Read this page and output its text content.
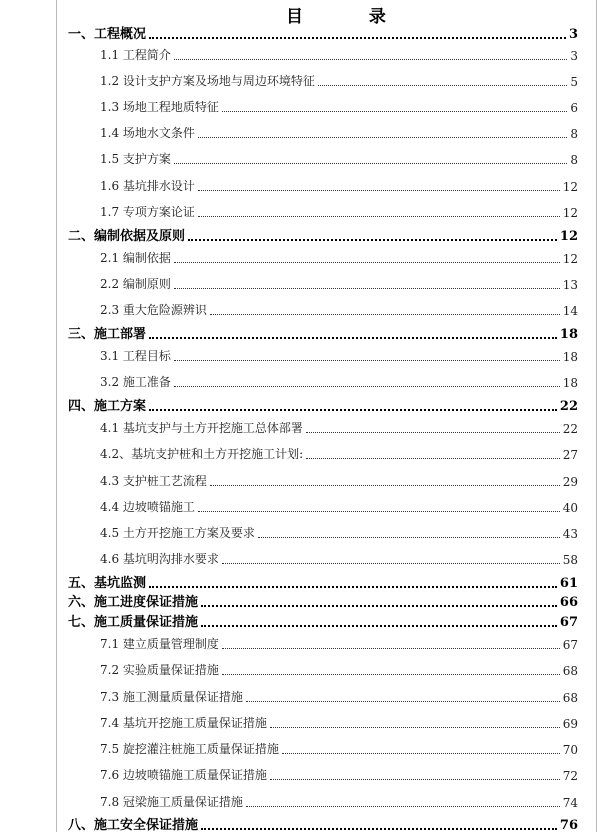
目 录
一、工程概况	3
1.1 工程简介	3
1.2 设计支护方案及场地与周边环境特征	5
1.3 场地工程地质特征	6
1.4 场地水文条件	8
1.5 支护方案	8
1.6 基坑排水设计	12
1.7 专项方案论证	12
二、编制依据及原则	12
2.1 编制依据	12
2.2 编制原则	13
2.3 重大危险源辨识	14
三、施工部署	18
3.1 工程目标	18
3.2 施工准备	18
四、施工方案	22
4.1 基坑支护与土方开挖施工总体部署	22
4.2、基坑支护桩和土方开挖施工计划:	27
4.3 支护桩工艺流程	29
4.4 边坡喷锚施工	40
4.5 土方开挖施工方案及要求	43
4.6 基坑明沟排水要求	58
五、基坑监测	61
六、施工进度保证措施	66
七、施工质量保证措施	67
7.1 建立质量管理制度	67
7.2 实验质量保证措施	68
7.3 施工测量质量保证措施	68
7.4 基坑开挖施工质量保证措施	69
7.5 旋挖灌注桩施工质量保证措施	70
7.6 边坡喷锚施工质量保证措施	72
7.8 冠梁施工质量保证措施	74
八、施工安全保证措施	76
